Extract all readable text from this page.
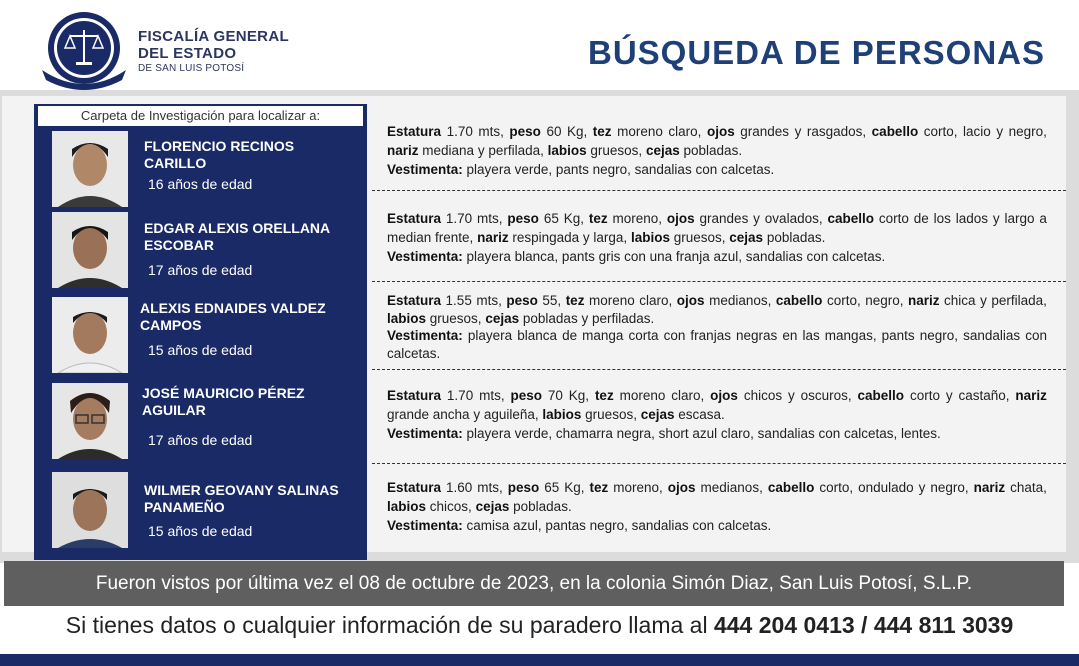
FISCALÍA GENERAL
DEL ESTADO
DE SAN LUIS POTOSÍ	BÚSQUEDA DE PERSONAS
Carpeta de Investigación para localizar a:
FLORENCIO RECINOS CARILLO
16 años de edad
Estatura 1.70 mts, peso 60 Kg, tez moreno claro, ojos grandes y rasgados, cabello corto, lacio y negro, nariz mediana y perfilada, labios gruesos, cejas pobladas.
Vestimenta: playera verde, pants negro, sandalias con calcetas.
EDGAR ALEXIS ORELLANA ESCOBAR
17 años de edad
Estatura 1.70 mts, peso 65 Kg, tez moreno, ojos grandes y ovalados, cabello corto de los lados y largo a median frente, nariz respingada y larga, labios gruesos, cejas pobladas.
Vestimenta: playera blanca, pants gris con una franja azul, sandalias con calcetas.
ALEXIS EDNAIDES VALDEZ CAMPOS
15 años de edad
Estatura 1.55 mts, peso 55, tez moreno claro, ojos medianos, cabello corto, negro, nariz chica y perfilada, labios gruesos, cejas pobladas y perfiladas.
Vestimenta: playera blanca de manga corta con franjas negras en las mangas, pants negro, sandalias con calcetas.
JOSÉ MAURICIO PÉREZ AGUILAR
17 años de edad
Estatura 1.70 mts, peso 70 Kg, tez moreno claro, ojos chicos y oscuros, cabello corto y castaño, nariz grande ancha y aguileña, labios gruesos, cejas escasa.
Vestimenta: playera verde, chamarra negra, short azul claro, sandalias con calcetas, lentes.
WILMER GEOVANY SALINAS PANAMEÑO
15 años de edad
Estatura 1.60 mts, peso 65 Kg, tez moreno, ojos medianos, cabello corto, ondulado y negro, nariz chata, labios chicos, cejas pobladas.
Vestimenta: camisa azul, pantas negro, sandalias con calcetas.
Fueron vistos por última vez el 08 de octubre de 2023, en la colonia Simón Diaz, San Luis Potosí, S.L.P.
Si tienes datos o cualquier información de su paradero llama al 444 204 0413 / 444 811 3039
